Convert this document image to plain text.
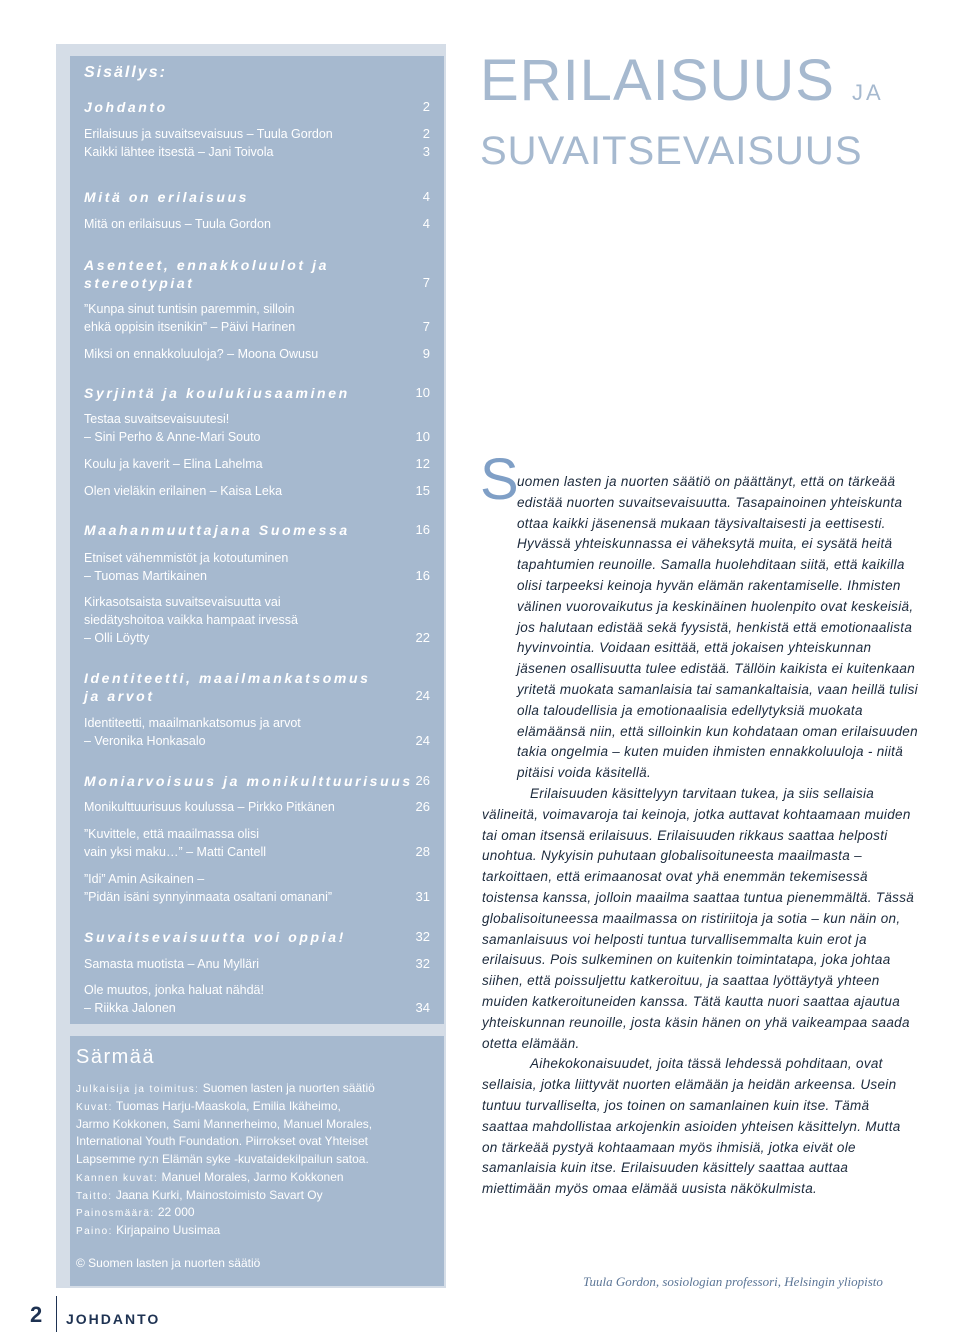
Sisällys:
Johdanto	2
Erilaisuus ja suvaitsevaisuus – Tuula Gordon	2
Kaikki lähtee itsestä – Jani Toivola	3
Mitä on erilaisuus	4
Mitä on erilaisuus – Tuula Gordon	4
Asenteet, ennakkoluulot ja
stereotypiat	7
”Kunpa sinut tuntisin paremmin, silloin
ehkä oppisin itsenikin” – Päivi Harinen	7
Miksi on ennakkoluuloja? – Moona Owusu	9
Syrjintä ja koulukiusaaminen	10
Testaa suvaitsevaisuutesi!
– Sini Perho & Anne-Mari Souto	10
Koulu ja kaverit – Elina Lahelma	12
Olen vieläkin erilainen – Kaisa Leka	15
Maahanmuuttajana Suomessa	16
Etniset vähemmistöt ja kotoutuminen
– Tuomas Martikainen	16
Kirkasotsaista suvaitsevaisuutta vai
siedätyshoitoa vaikka hampaat irvessä
– Olli Löytty	22
Identiteetti, maailmankatsomus
ja arvot	24
Identiteetti, maailmankatsomus ja arvot
– Veronika Honkasalo	24
Moniarvoisuus ja monikulttuurisuus 26
Monikulttuurisuus koulussa – Pirkko Pitkänen	26
”Kuvittele, että maailmassa olisi
vain yksi maku…” – Matti Cantell	28
”Idi” Amin Asikainen –
”Pidän isäni synnyinmaata osaltani omanani”	31
Suvaitsevaisuutta voi oppia!	32
Samasta muotista – Anu Mylläri	32
Ole muutos, jonka haluat nähdä!
– Riikka Jalonen	34
Särmää
Julkaisija ja toimitus: Suomen lasten ja nuorten säätiö
Kuvat: Tuomas Harju-Maaskola, Emilia Ikäheimo,
Jarmo Kokkonen, Sami Mannerheimo, Manuel Morales,
International Youth Foundation. Piirrokset ovat Yhteiset
Lapsemme ry:n Elämän syke -kuvataidekilpailun satoa.
Kannen kuvat: Manuel Morales, Jarmo Kokkonen
Taitto: Jaana Kurki, Mainostoimisto Savart Oy
Painosmäärä: 22 000
Paino: Kirjapaino Uusimaa
© Suomen lasten ja nuorten säätiö
ERILAISUUS JA
SUVAITSEVAISUUS
S

uomen lasten ja nuorten säätiö on päättänyt, että on tärkeää edistää nuorten suvaitsevaisuutta. Tasapainoinen yhteiskunta ottaa kaikki jäsenensä mukaan täysivaltaisesti ja eettisesti. Hyvässä yhteiskunnassa ei väheksytä muita, ei sysätä heitä tapahtumien reunoille. Samalla huolehditaan siitä, että kaikilla olisi tarpeeksi keinoja hyvän elämän rakentamiselle. Ihmisten välinen vuorovaikutus ja keskinäinen huolenpito ovat keskeisiä, jos halutaan edistää sekä fyysistä, henkistä että emotionaalista hyvinvointia. Voidaan esittää, että jokaisen yhteiskunnan jäsenen osallisuutta tulee edistää. Tällöin kaikista ei kuitenkaan yritetä muokata samanlaisia tai samankaltaisia, vaan heillä tulisi olla taloudellisia ja emotionaalisia edellytyksiä muokata elämäänsä niin, että silloinkin kun kohdataan oman erilaisuuden takia ongelmia – kuten muiden ihmisten ennakkoluuloja - niitä pitäisi voida käsitellä.

Erilaisuuden käsittelyyn tarvitaan tukea, ja siis sellaisia välineitä, voimavaroja tai keinoja, jotka auttavat kohtaamaan muiden tai oman itsensä erilaisuus. Erilaisuuden rikkaus saattaa helposti unohtua. Nykyisin puhutaan globalisoituneesta maailmasta – tarkoittaen, että erimaanosat ovat yhä enemmän tekemisessä toistensa kanssa, jolloin maailma saattaa tuntua pienemmältä. Tässä globalisoituneessa maailmassa on ristiriitoja ja sotia – kun näin on, samanlaisuus voi helposti tuntua turvallisemmalta kuin erot ja erilaisuus. Pois sulkeminen on kuitenkin toimintatapa, joka johtaa siihen, että poissuljettu katkeroituu, ja saattaa lyöttäytyä yhteen muiden katkeroituneiden kanssa. Tätä kautta nuori saattaa ajautua yhteiskunnan reunoille, josta käsin hänen on yhä vaikeampaa saada otetta elämään.

Aihekokonaisuudet, joita tässä lehdessä pohditaan, ovat sellaisia, jotka liittyvät nuorten elämään ja heidän arkeensa. Usein tuntuu turvalliselta, jos toinen on samanlainen kuin itse. Tämä saattaa mahdollistaa arkojenkin asioiden yhteisen käsittelyn. Mutta on tärkeää pystyä kohtaamaan myös ihmisiä, jotka eivät ole samanlaisia kuin itse. Erilaisuuden käsittely saattaa auttaa miettimään myös omaa elämää uusista näkökulmista.

Tuula Gordon, sosiologian professori, Helsingin yliopisto
2 JOHDANTO
